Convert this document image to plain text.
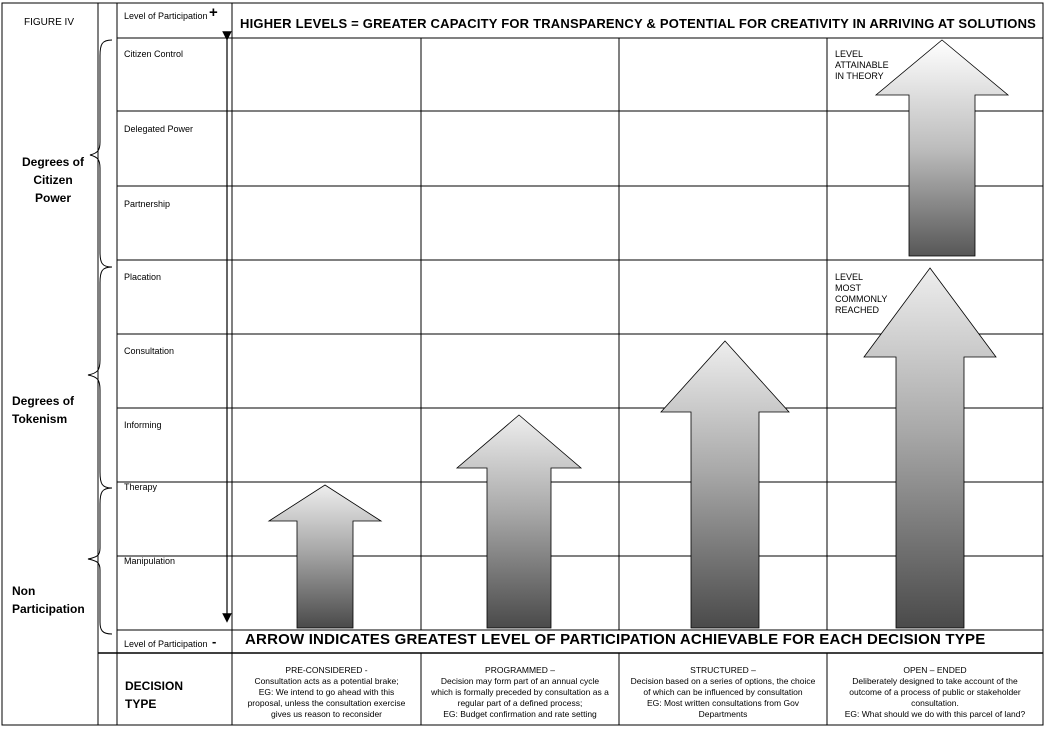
FIGURE IV

Level of Participation +

Level of Participation -

HIGHER LEVELS = GREATER CAPACITY FOR TRANSPARENCY & POTENTIAL FOR CREATIVITY IN ARRIVING AT SOLUTIONS

ARROW INDICATES GREATEST LEVEL OF PARTICIPATION ACHIEVABLE FOR EACH DECISION TYPE

Degrees of
Citizen
Power
Degrees of
Tokenism
Non
Participation

Citizen Control

Delegated Power

Partnership

Placation

Consultation

Informing

Therapy

Manipulation

LEVEL
ATTAINABLE
IN THEORY
LEVEL
MOST
COMMONLY
REACHED
DECISION
TYPE
PRE-CONSIDERED -
Consultation acts as a potential brake;
EG: We intend to go ahead with this
proposal, unless the consultation exercise
gives us reason to reconsider
PROGRAMMED –
Decision may form part of an annual cycle
which is formally preceded by consultation as a
regular part of a defined process;
EG: Budget confirmation and rate setting
STRUCTURED –
Decision based on a series of options, the choice
of which can be influenced by consultation
EG: Most written consultations from Gov
Departments
OPEN – ENDED
Deliberately designed to take account of the
outcome of a process of public or stakeholder
consultation.
EG: What should we do with this parcel of land?
